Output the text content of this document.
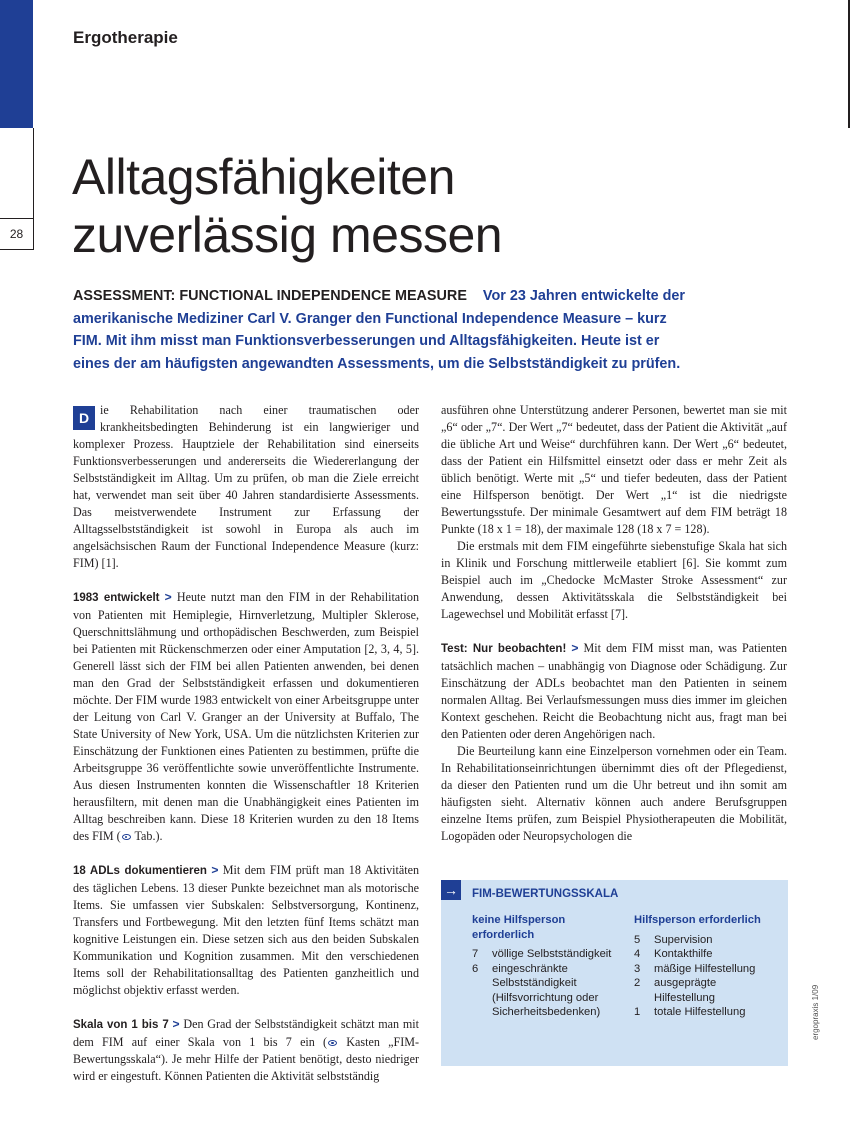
28
Ergotherapie
Alltagsfähigkeiten
zuverlässig messen
ASSESSMENT: FUNCTIONAL INDEPENDENCE MEASURE Vor 23 Jahren entwickelte der amerikanische Mediziner Carl V. Granger den Functional Independence Measure – kurz FIM. Mit ihm misst man Funktionsverbesserungen und Alltagsfähigkeiten. Heute ist er eines der am häufigsten angewandten Assessments, um die Selbstständigkeit zu prüfen.

D ie Rehabilitation nach einer traumatischen oder krankheitsbedingten Behinderung ist ein langwieriger und komplexer Prozess. Hauptziele der Rehabilitation sind einerseits Funktionsverbesserungen und andererseits die Wiedererlangung der Selbstständigkeit im Alltag. Um zu prüfen, ob man die Ziele erreicht hat, verwendet man seit über 40 Jahren standardisierte Assessments. Das meistverwendete Instrument zur Erfassung der Alltagsselbstständigkeit ist sowohl in Europa als auch im angelsächsischen Raum der Functional Independence Measure (kurz: FIM) [1].

1983 entwickelt > Heute nutzt man den FIM in der Rehabilitation von Patienten mit Hemiplegie, Hirnverletzung, Multipler Sklerose, Querschnittslähmung und orthopädischen Beschwerden, zum Beispiel bei Patienten mit Rückenschmerzen oder einer Amputation [2, 3, 4, 5]. Generell lässt sich der FIM bei allen Patienten anwenden, bei denen man den Grad der Selbstständigkeit erfassen und dokumentieren möchte. Der FIM wurde 1983 entwickelt von einer Arbeitsgruppe unter der Leitung von Carl V. Granger an der University at Buffalo, The State University of New York, USA. Um die nützlichsten Kriterien zur Einschätzung der Funktionen eines Patienten zu bestimmen, prüfte die Arbeitsgruppe 36 veröffentlichte sowie unveröffentlichte Instrumente. Aus diesen Instrumenten konnten die Wissenschaftler 18 Kriterien herausfiltern, mit denen man die Unabhängigkeit eines Patienten im Alltag beschreiben kann. Diese 18 Kriterien wurden zu den 18 Items des FIM ( Tab.).

18 ADLs dokumentieren > Mit dem FIM prüft man 18 Aktivitäten des täglichen Lebens. 13 dieser Punkte bezeichnet man als motorische Items. Sie umfassen vier Subskalen: Selbstversorgung, Kontinenz, Transfers und Fortbewegung. Mit den letzten fünf Items schätzt man kognitive Leistungen ein. Diese setzen sich aus den beiden Subskalen Kommunikation und Kognition zusammen. Mit den verschiedenen Items soll der Rehabilitationsalltag des Patienten ganzheitlich und möglichst objektiv erfasst werden.

Skala von 1 bis 7 > Den Grad der Selbstständigkeit schätzt man mit dem FIM auf einer Skala von 1 bis 7 ein ( Kasten „FIM-Bewertungsskala“). Je mehr Hilfe der Patient benötigt, desto niedriger wird er eingestuft. Können Patienten die Aktivität selbstständig

ausführen ohne Unterstützung anderer Personen, bewertet man sie mit „6“ oder „7“. Der Wert „7“ bedeutet, dass der Patient die Aktivität „auf die übliche Art und Weise“ durchführen kann. Der Wert „6“ bedeutet, dass der Patient ein Hilfsmittel einsetzt oder dass er mehr Zeit als üblich benötigt. Werte mit „5“ und tiefer bedeuten, dass der Patient eine Hilfsperson benötigt. Der Wert „1“ ist die niedrigste Bewertungsstufe. Der minimale Gesamtwert auf dem FIM beträgt 18 Punkte (18 x 1 = 18), der maximale 128 (18 x 7 = 128).

Die erstmals mit dem FIM eingeführte siebenstufige Skala hat sich in Klinik und Forschung mittlerweile etabliert [6]. Sie kommt zum Beispiel auch im „Chedocke McMaster Stroke Assessment“ zur Anwendung, dessen Aktivitätsskala die Selbstständigkeit bei Lagewechsel und Mobilität erfasst [7].

Test: Nur beobachten! > Mit dem FIM misst man, was Patienten tatsächlich machen – unabhängig von Diagnose oder Schädigung. Zur Einschätzung der ADLs beobachtet man den Patienten in seinem normalen Alltag. Bei Verlaufsmessungen muss dies immer im gleichen Kontext geschehen. Reicht die Beobachtung nicht aus, fragt man bei den Patienten oder deren Angehörigen nach.

Die Beurteilung kann eine Einzelperson vornehmen oder ein Team. In Rehabilitationseinrichtungen übernimmt dies oft der Pflegedienst, da dieser den Patienten rund um die Uhr betreut und ihn somit am häufigsten sieht. Alternativ können auch andere Berufsgruppen einzelne Items prüfen, zum Beispiel Physiotherapeuten die Mobilität, Logopäden oder Neuropsychologen die

→ FIM-BEWERTUNGSSKALA
keine Hilfsperson erforderlich
7	völlige Selbstständigkeit
6	eingeschränkte Selbstständigkeit (Hilfsvorrichtung oder Sicherheitsbedenken)
Hilfsperson erforderlich
5	Supervision
4	Kontakthilfe
3	mäßige Hilfestellung
2	ausgeprägte Hilfestellung
1	totale Hilfestellung	ergopraxis 1/09
